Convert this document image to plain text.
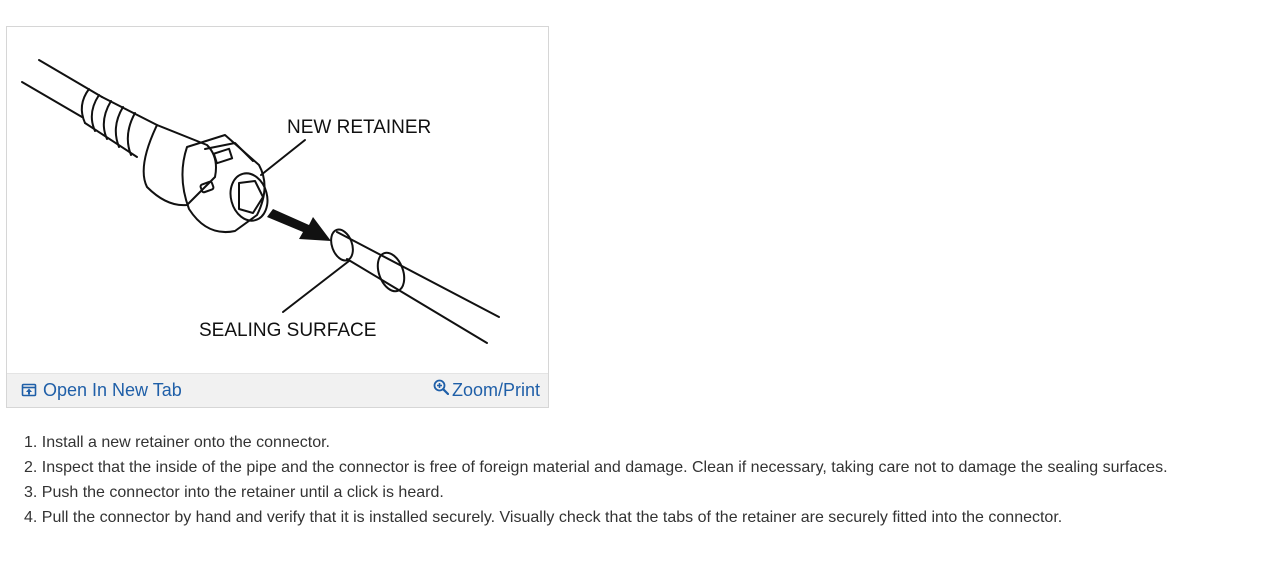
NEW RETAINER
SEALING SURFACE
Open In New Tab	Zoom/Print

1. Install a new retainer onto the connector.

2. Inspect that the inside of the pipe and the connector is free of foreign material and damage. Clean if necessary, taking care not to damage the sealing surfaces.

3. Push the connector into the retainer until a click is heard.

4. Pull the connector by hand and verify that it is installed securely. Visually check that the tabs of the retainer are securely fitted into the connector.
